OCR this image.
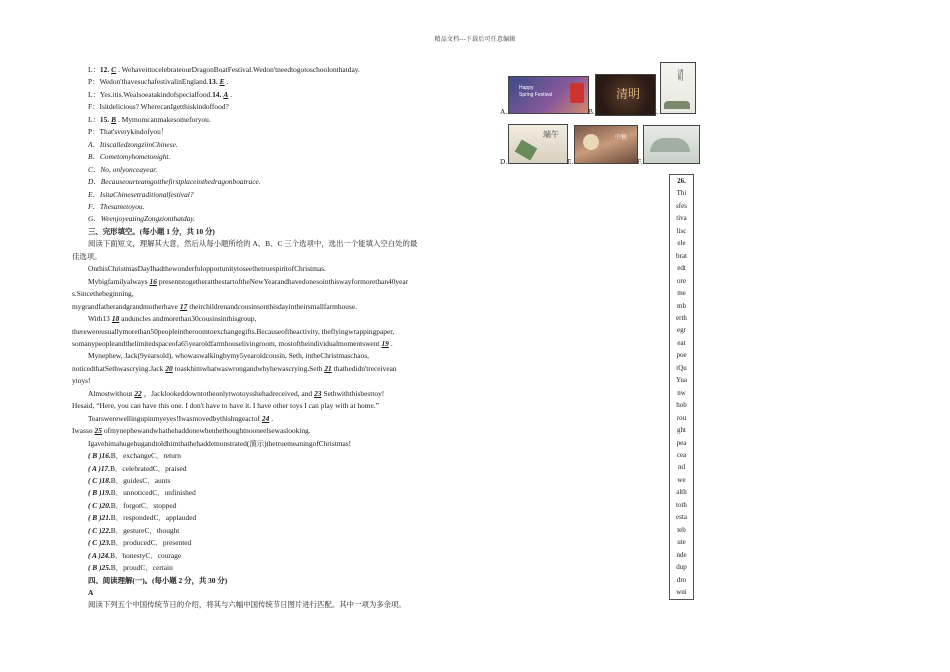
精品文档---下载后可任意编辑
L：12. C . WehaveittocelebrateourDragonBoatFestival.Wedon'tneedtogotoschoolonthatday.
P：Wedon'thavesuchafestivalinEngland.13. E .
L：Yes.itis.Wealsoeatakindofspecialfood.14. A .
F：Isitdelicious? WherecanIgetthiskindoffood?
L：15. B . Mymomcanmakesomeforyou.
P：That'sverykindofyou！
A．ItiscalledzongziinChinese.
B．Cometomyhometonight.
C．No, onlyonceayear.
D．Becauseourteamgotthefirstplaceinthedragonboatrace.
E．IsitaChinesetraditionalfestival?
F．Thesametoyou.
G．WeenjoyeatingZongzionthatday.
三、完形填空。(每小题 1 分，共 10 分)
阅读下面短文，理解其大意，然后从每小题所给的 A、B、C 三个选项中，选出一个能填入空白处的最
佳选项。
OnthisChristmasDayIhadthewonderfulopportunitytoseethetruespiritofChristmas.
Mybigfamilyalways 16 presentstogetheratthestartoftheNewYearandhavedonesointhiswayformorethan40year
s.Sincethebeginning,
mygrandfatherandgrandmotherhave 17 theirchildrenandcousinsonthisdayintheirsmallfarmhouse.
With13 18 anduncles andmorethan30cousinsinthisgroup,
therewereusuallymorethan50peopleintheroomtoexchangegifts.Becauseoftheactivity, theflyingwrappingpaper,
somanypeopleandthelimitedspaceofa65yearoldfarmhouselivingroom, mostoftheindividualmomentswent 19 .
Mynephew, Jack(9yearsold), whowaswalkingbymy5yearoldcousin, Seth, intheChristmaschaos,
noticedthatSethwascrying.Jack 20 toaskhimwhatwaswrongandwhyhewascrying.Seth 21 thathedidn'treceivean
ytoys!
Almostwithout 22 ，Jacklookeddowntotheonlytwotoysshehadreceived, and 23 Sethwiththisbesttoy!
Hesaid, “Here, you can have this one. I don't have to have it. I have other toys I can play with at home.”
Tearswerewellingupinmyeyes!Iwasmovedbythishugeactof 24 .
Iwasso 25 ofmynephewandwhathehaddonewhenhethoughtnooneelsewaslooking.
Igavehimahugehugandtoldhimthathehaddemonstrated(演示)thetruemeaningofChristmas!
( B )16.B．exchangeC．return
( A )17.B．celebratedC．praised
( C )18.B．guidesC．aunts
( B )19.B．unnoticedC．unfinished
( C )20.B．forgotC．stopped
( B )21.B．respondedC．applauded
( C )22.B．gestureC．thought
( C )23.B．producedC．presented
( A )24.B．honestyC．courage
( B )25.B．proudC．certain
四、阅读理解(一)。(每小题 2 分，共 30 分)
A
阅读下列五个中国传统节日的介绍，将其与六幅中国传统节日图片进行匹配。其中一项为多余项。
A.
Happy
Spring Festival
B.
清明
C.
清明
D.
端午
E.
中秋
F.
26.
Thi
sfes
tiva
lisc
ele
brat
edt
ore
me
mb
erth
egr
eat
poe
tQu
Yua
nw
hob
rou
ght
pea
cea
nd
we
alth
toth
esta
teb
ute
nde
dup
dro
wni
